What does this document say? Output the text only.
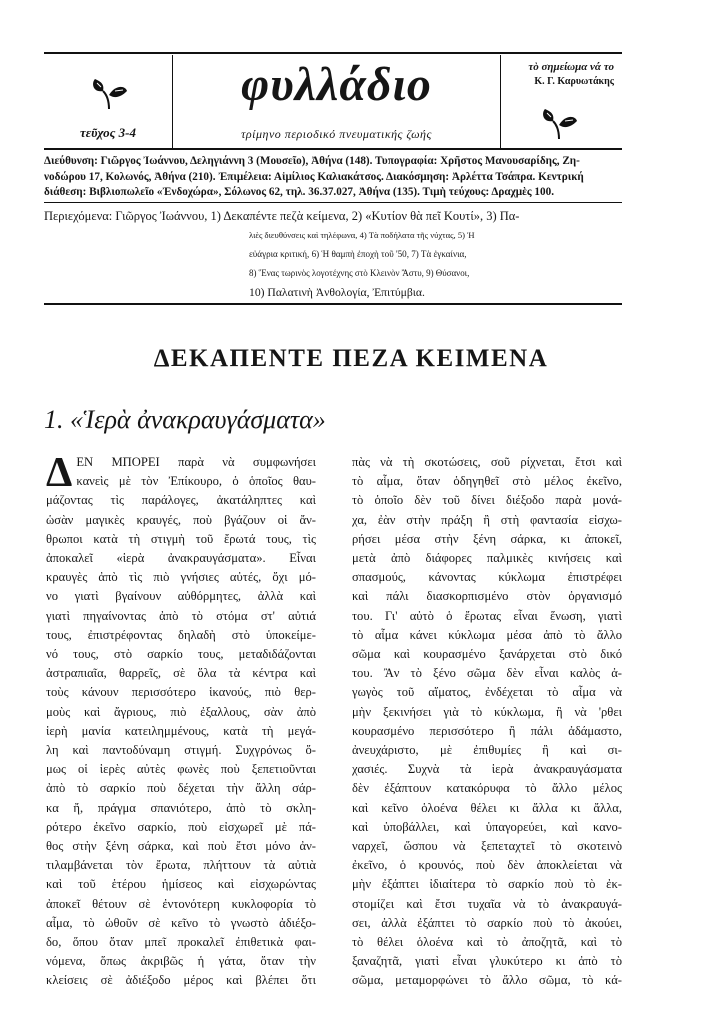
τεῦχος 3-4
φυλλάδιο
τρίμηνο περιοδικό πνευματικής ζωής
τὸ σημείωμα νά το
Κ. Γ. Καρυωτάκης
Διεύθυνση: Γιῶργος Ἰωάννου, Δεληγιάννη 3 (Μουσεῖο), Ἀθήνα (148). Τυπογραφία: Χρῆστος Μανουσαρίδης, Ζη-
νοδώρου 17, Κολωνός, Ἀθήνα (210). Ἐπιμέλεια: Αἰμίλιος Καλιακάτσος. Διακόσμηση: Ἀρλέττα Τσάπρα. Κεντρική
διάθεση: Βιβλιοπωλεῖο «Ἐνδοχώρα», Σόλωνος 62, τηλ. 36.37.027, Ἀθήνα (135). Τιμὴ τεύχους: Δραχμὲς 100.
Περιεχόμενα: Γιῶργος Ἰωάννου, 1) Δεκαπέντε πεζὰ κείμενα, 2) «Κυτίον θὰ πεῖ Κουτί», 3) Πα-
λιὲς διευθύνσεις καὶ τηλέφωνα, 4) Τὰ ποδήλατα τῆς νύχτας, 5) Ἡ
εὐάγρια κριτική, 6) Ἡ θαμπὴ ἐποχὴ τοῦ '50, 7) Τὰ ἐγκαίνια,
8) Ἕνας τωρινὸς λογοτέχνης στὸ Κλεινὸν Ἄστυ, 9) Θύσανοι,
10) Παλατινὴ Ἀνθολογία, Ἐπιτύμβια.
ΔΕΚΑΠΕΝΤΕ ΠΕΖΑ ΚΕΙΜΕΝΑ
1. «Ἱερὰ ἀνακραυγάσματα»
Δ ΕΝ ΜΠΟΡΕΙ παρὰ νὰ συμφωνήσει
κανεὶς μὲ τὸν Ἐπίκουρο, ὁ ὁποῖος θαυ-
μάζοντας τὶς παράλογες, ἀκατάληπτες καὶ
ὡσὰν μαγικὲς κραυγές, ποὺ βγάζουν οἱ ἄν-
θρωποι κατὰ τὴ στιγμὴ τοῦ ἔρωτά τους, τὶς
ἀποκαλεῖ «ἱερὰ ἀνακραυγάσματα». Εἶναι
κραυγὲς ἀπὸ τὶς πιὸ γνήσιες αὐτές, ὄχι μό-
νο γιατὶ βγαίνουν αὐθόρμητες, ἀλλὰ καὶ
γιατὶ πηγαίνοντας ἀπὸ τὸ στόμα στ' αὐτιά
τους, ἐπιστρέφοντας δηλαδὴ στὸ ὑποκείμε-
νό τους, στὸ σαρκίο τους, μεταδιδάζονται
ἀστραπιαῖα, θαρρεῖς, σὲ ὅλα τὰ κέντρα καὶ
τοὺς κάνουν περισσότερο ἱκανούς, πιὸ θερ-
μοὺς καὶ ἄγριους, πιὸ ἐξαλλους, σὰν ἀπὸ
ἱερὴ μανία κατειλημμένους, κατὰ τὴ μεγά-
λη καὶ παντοδύναμη στιγμή. Συχγρόνως ὅ-
μως οἱ ἱερὲς αὐτὲς φωνὲς ποὺ ξεπετιοῦνται
ἀπὸ τὸ σαρκίο ποὺ δέχεται τὴν ἄλλη σάρ-
κα ἤ, πράγμα σπανιότερο, ἀπὸ τὸ σκλη-
ρότερο ἐκεῖνο σαρκίο, ποὺ εἰσχωρεῖ μὲ πά-
θος στὴν ξένη σάρκα, καὶ ποὺ ἔτσι μόνο ἀν-
τιλαμβάνεται τὸν ἔρωτα, πλήττουν τὰ αὐτιὰ
καὶ τοῦ ἑτέρου ἡμίσεος καὶ εἰσχωρώντας
ἀποκεῖ θέτουν σὲ ἐντονότερη κυκλοφορία τὸ
αἷμα, τὸ ὠθοῦν σὲ κεῖνο τὸ γνωστὸ ἀδιέξο-
δο, ὅπου ὅταν μπεῖ προκαλεῖ ἐπιθετικὰ φαι-
νόμενα, ὅπως ἀκριβῶς ἡ γάτα, ὅταν τὴν
κλείσεις σὲ ἀδιέξοδο μέρος καὶ βλέπει ὅτι
πὰς νὰ τὴ σκοτώσεις, σοῦ ρίχνεται, ἔτσι καὶ
τὸ αἷμα, ὅταν ὁδηγηθεῖ στὸ μέλος ἐκεῖνο,
τὸ ὁποῖο δὲν τοῦ δίνει διέξοδο παρὰ μονά-
χα, ἐὰν στὴν πράξη ἢ στὴ φαντασία εἰσχω-
ρήσει μέσα στὴν ξένη σάρκα, κι ἀποκεῖ,
μετὰ ἀπὸ διάφορες παλμικὲς κινήσεις καὶ
σπασμούς, κάνοντας κύκλωμα ἐπιστρέφει
καὶ πάλι διασκορπισμένο στὸν ὀργανισμό
του. Γι' αὐτὸ ὁ ἔρωτας εἶναι ἕνωση, γιατὶ
τὸ αἷμα κάνει κύκλωμα μέσα ἀπὸ τὸ ἄλλο
σῶμα καὶ κουρασμένο ξανάρχεται στὸ δικό
του. Ἂν τὸ ξένο σῶμα δὲν εἶναι καλὸς ἀ-
γωγὸς τοῦ αἵματος, ἐνδέχεται τὸ αἷμα νὰ
μὴν ξεκινήσει γιὰ τὸ κύκλωμα, ἢ νὰ 'ρθει
κουρασμένο περισσότερο ἢ πάλι ἀδάμαστο,
ἀνευχάριστο, μὲ ἐπιθυμίες ἢ καὶ σι-
χασιές. Συχνὰ τὰ ἱερὰ ἀνακραυγάσματα
δὲν ἐξάπτουν κατακόρυφα τὸ ἄλλο μέλος
καὶ κεῖνο ὁλοένα θέλει κι ἄλλα κι ἄλλα,
καὶ ὑποβάλλει, καὶ ὑπαγορεύει, καὶ κανο-
ναρχεῖ, ὥσπου νὰ ξεπεταχτεῖ τὸ σκοτεινὸ
ἐκεῖνο, ὁ κρουνός, ποὺ δὲν ἀποκλείεται νὰ
μὴν ἐξάπτει ἰδιαίτερα τὸ σαρκίο ποὺ τὸ ἐκ-
στομίζει καὶ ἔτσι τυχαῖα νὰ τὸ ἀνακραυγά-
σει, ἀλλὰ ἐξάπτει τὸ σαρκίο ποὺ τὸ ἀκούει,
τὸ θέλει ὁλοένα καὶ τὸ ἀποζητᾶ, καὶ τὸ
ξαναζητᾶ, γιατὶ εἶναι γλυκύτερο κι ἀπὸ τὸ
σῶμα, μεταμορφώνει τὸ ἄλλο σῶμα, τὸ κά-
